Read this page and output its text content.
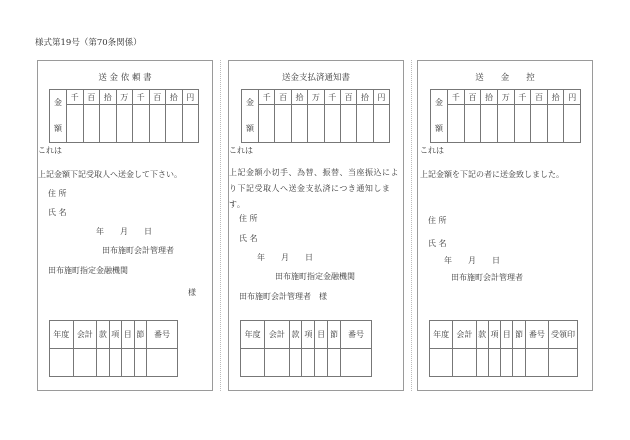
様式第19号（第70条関係）
送 金 依 頼 書
金
額	千	百	拾	万	千	百	拾	円

これは
上記金額下記受取人へ送金して下さい。
住 所
氏 名
年　　月　　日
田布施町会計管理者
田布施町指定金融機関
様
年度	会計	款	項	目	節	番号

送金支払済通知書
金
額	千	百	拾	万	千	百	拾	円

これは
上記金額小切手、為替、振替、当座振込により下記受取人へ送金支払済につき通知します。
住 所
氏 名
年　　月　　日
田布施町指定金融機関
田布施町会計管理者　様
年度	会計	款	項	目	節	番号

送　　金　　控
金
額	千	百	拾	万	千	百	拾	円

これは
上記金額を下記の者に送金致しました。
住 所
氏 名
年　　月　　日
田布施町会計管理者
年度	会計	款	項	目	節	番号	受領印
